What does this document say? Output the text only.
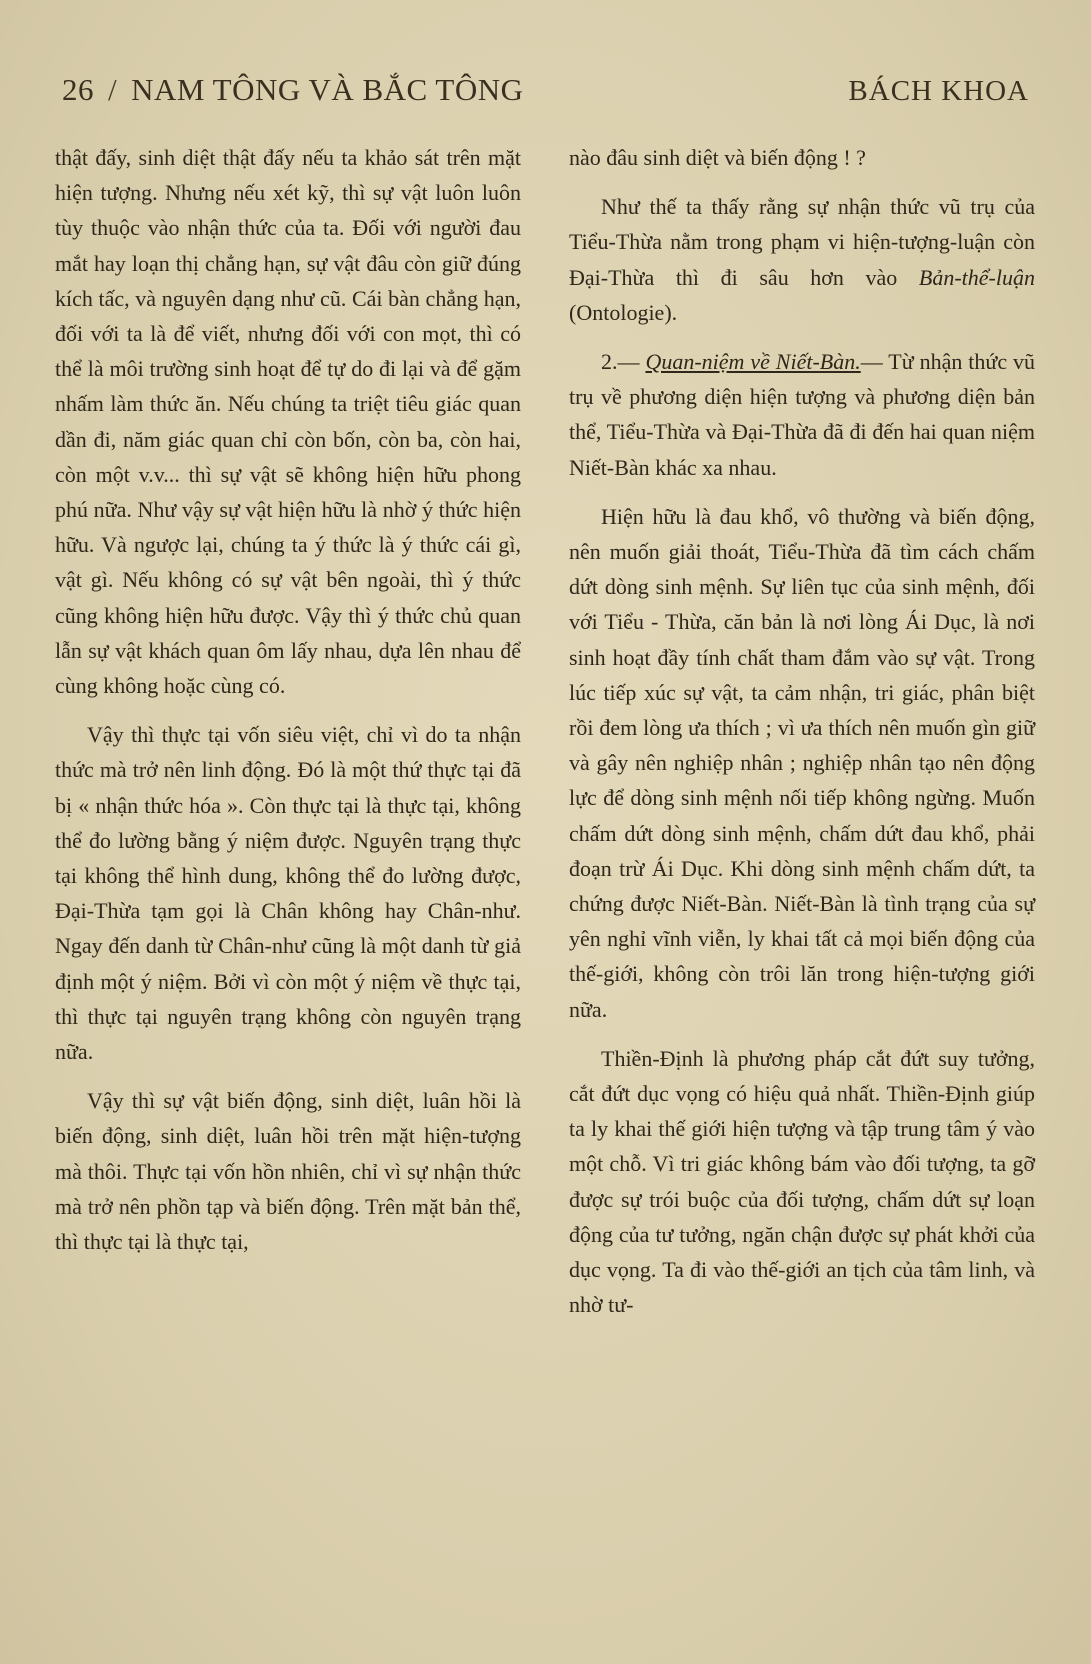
26 / NAM TÔNG VÀ BẮC TÔNG	BÁCH KHOA

thật đấy, sinh diệt thật đấy nếu ta khảo sát trên mặt hiện tượng. Nhưng nếu xét kỹ, thì sự vật luôn luôn tùy thuộc vào nhận thức của ta. Đối với người đau mắt hay loạn thị chẳng hạn, sự vật đâu còn giữ đúng kích tấc, và nguyên dạng như cũ. Cái bàn chẳng hạn, đối với ta là để viết, nhưng đối với con mọt, thì có thể là môi trường sinh hoạt để tự do đi lại và để gặm nhấm làm thức ăn. Nếu chúng ta triệt tiêu giác quan dần đi, năm giác quan chỉ còn bốn, còn ba, còn hai, còn một v.v... thì sự vật sẽ không hiện hữu phong phú nữa. Như vậy sự vật hiện hữu là nhờ ý thức hiện hữu. Và ngược lại, chúng ta ý thức là ý thức cái gì, vật gì. Nếu không có sự vật bên ngoài, thì ý thức cũng không hiện hữu được. Vậy thì ý thức chủ quan lẫn sự vật khách quan ôm lấy nhau, dựa lên nhau để cùng không hoặc cùng có.

Vậy thì thực tại vốn siêu việt, chỉ vì do ta nhận thức mà trở nên linh động. Đó là một thứ thực tại đã bị « nhận thức hóa ». Còn thực tại là thực tại, không thể đo lường bằng ý niệm được. Nguyên trạng thực tại không thể hình dung, không thể đo lường được, Đại-Thừa tạm gọi là Chân không hay Chân-như. Ngay đến danh từ Chân-như cũng là một danh từ giả định một ý niệm. Bởi vì còn một ý niệm về thực tại, thì thực tại nguyên trạng không còn nguyên trạng nữa.

Vậy thì sự vật biến động, sinh diệt, luân hồi là biến động, sinh diệt, luân hồi trên mặt hiện-tượng mà thôi. Thực tại vốn hồn nhiên, chỉ vì sự nhận thức mà trở nên phồn tạp và biến động. Trên mặt bản thể, thì thực tại là thực tại,

nào đâu sinh diệt và biến động ! ?

Như thế ta thấy rằng sự nhận thức vũ trụ của Tiểu-Thừa nằm trong phạm vi hiện-tượng-luận còn Đại-Thừa thì đi sâu hơn vào Bản-thể-luận (Ontologie).

2.— Quan-niệm về Niết-Bàn.— Từ nhận thức vũ trụ về phương diện hiện tượng và phương diện bản thể, Tiểu-Thừa và Đại-Thừa đã đi đến hai quan niệm Niết-Bàn khác xa nhau.

Hiện hữu là đau khổ, vô thường và biến động, nên muốn giải thoát, Tiểu-Thừa đã tìm cách chấm dứt dòng sinh mệnh. Sự liên tục của sinh mệnh, đối với Tiểu - Thừa, căn bản là nơi lòng Ái Dục, là nơi sinh hoạt đầy tính chất tham đắm vào sự vật. Trong lúc tiếp xúc sự vật, ta cảm nhận, tri giác, phân biệt rồi đem lòng ưa thích ; vì ưa thích nên muốn gìn giữ và gây nên nghiệp nhân ; nghiệp nhân tạo nên động lực để dòng sinh mệnh nối tiếp không ngừng. Muốn chấm dứt dòng sinh mệnh, chấm dứt đau khổ, phải đoạn trừ Ái Dục. Khi dòng sinh mệnh chấm dứt, ta chứng được Niết-Bàn. Niết-Bàn là tình trạng của sự yên nghỉ vĩnh viễn, ly khai tất cả mọi biến động của thế-giới, không còn trôi lăn trong hiện-tượng giới nữa.

Thiền-Định là phương pháp cắt đứt suy tưởng, cắt đứt dục vọng có hiệu quả nhất. Thiền-Định giúp ta ly khai thế giới hiện tượng và tập trung tâm ý vào một chỗ. Vì tri giác không bám vào đối tượng, ta gỡ được sự trói buộc của đối tượng, chấm dứt sự loạn động của tư tưởng, ngăn chận được sự phát khởi của dục vọng. Ta đi vào thế-giới an tịch của tâm linh, và nhờ tư-
